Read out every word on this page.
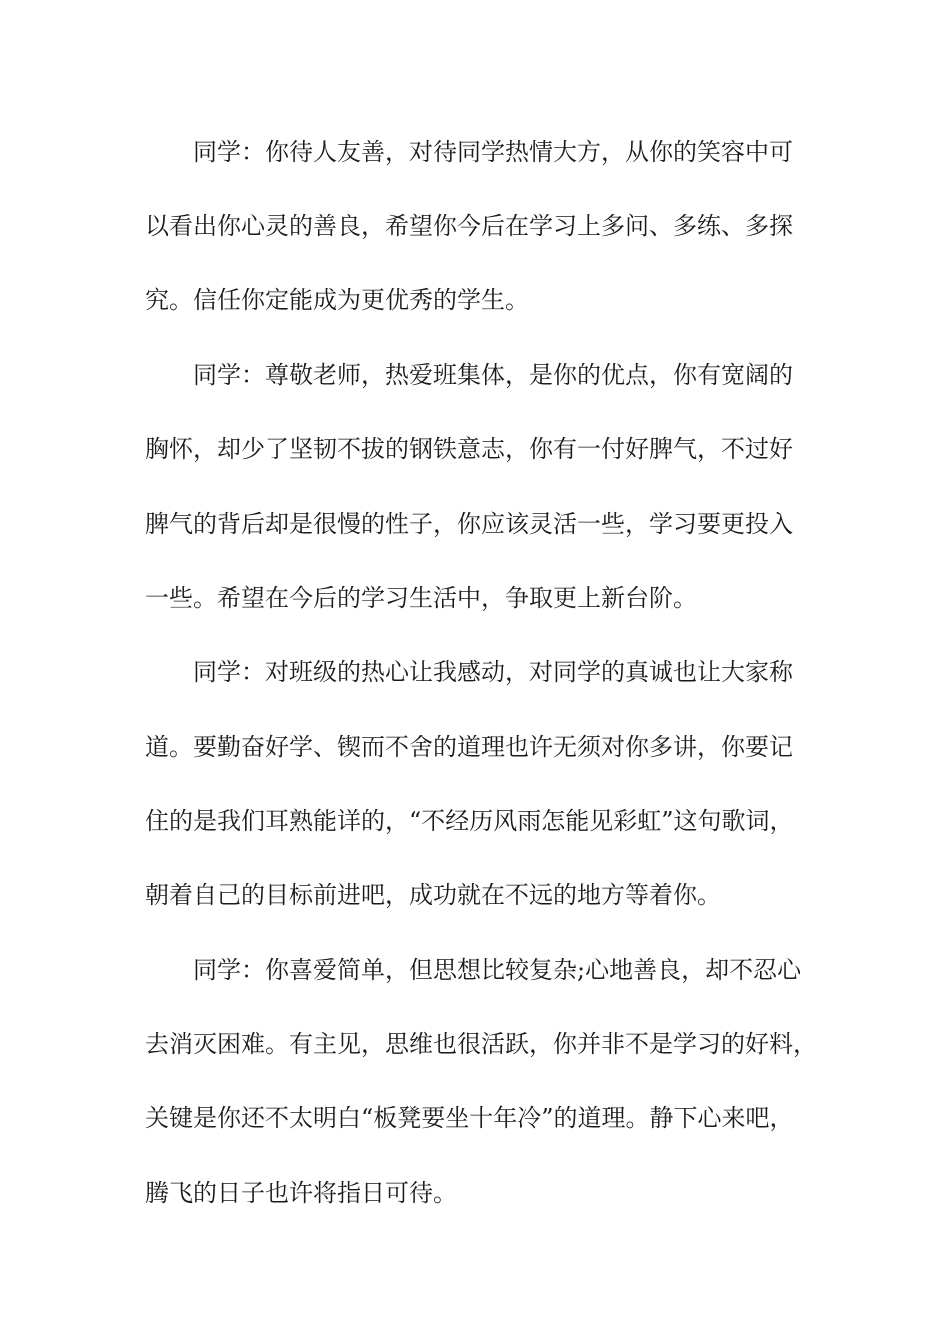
同学：你待人友善，对待同学热情大方，从你的笑容中可
以看出你心灵的善良，希望你今后在学习上多问、多练、多探
究。信任你定能成为更优秀的学生。
同学：尊敬老师，热爱班集体，是你的优点，你有宽阔的
胸怀，却少了坚韧不拔的钢铁意志，你有一付好脾气，不过好
脾气的背后却是很慢的性子，你应该灵活一些，学习要更投入
一些。希望在今后的学习生活中，争取更上新台阶。
同学：对班级的热心让我感动，对同学的真诚也让大家称
道。要勤奋好学、锲而不舍的道理也许无须对你多讲，你要记
住的是我们耳熟能详的，“不经历风雨怎能见彩虹”这句歌词，
朝着自己的目标前进吧，成功就在不远的地方等着你。
同学：你喜爱简单，但思想比较复杂;心地善良，却不忍心
去消灭困难。有主见，思维也很活跃，你并非不是学习的好料，
关键是你还不太明白“板凳要坐十年冷”的道理。静下心来吧，
腾飞的日子也许将指日可待。
